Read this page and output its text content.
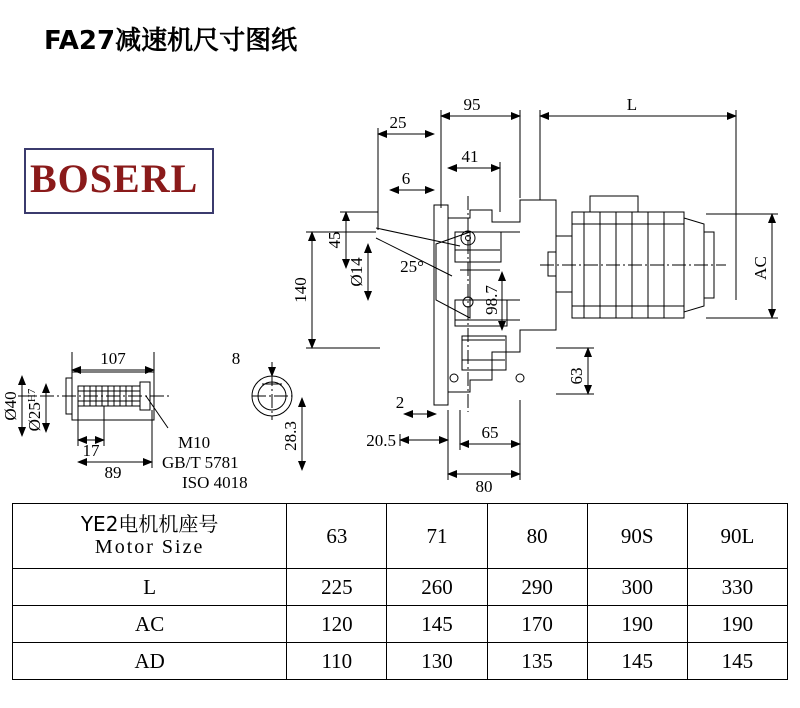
FA27减速机尺寸图纸
BOSERL
95	L
25
41
6
45
140
Ø14 25°
98.7
AC
63
2
20.5	65
80
107	8
17
89
Ø40 $Ø25^{H7}$
28.3
M10
GB/T 5781
ISO 4018
YE2电机机座号
Motor Size	63	71	80	90S	90L
L	225	260	290	300	330
AC	120	145	170	190	190
AD	110	130	135	145	145
